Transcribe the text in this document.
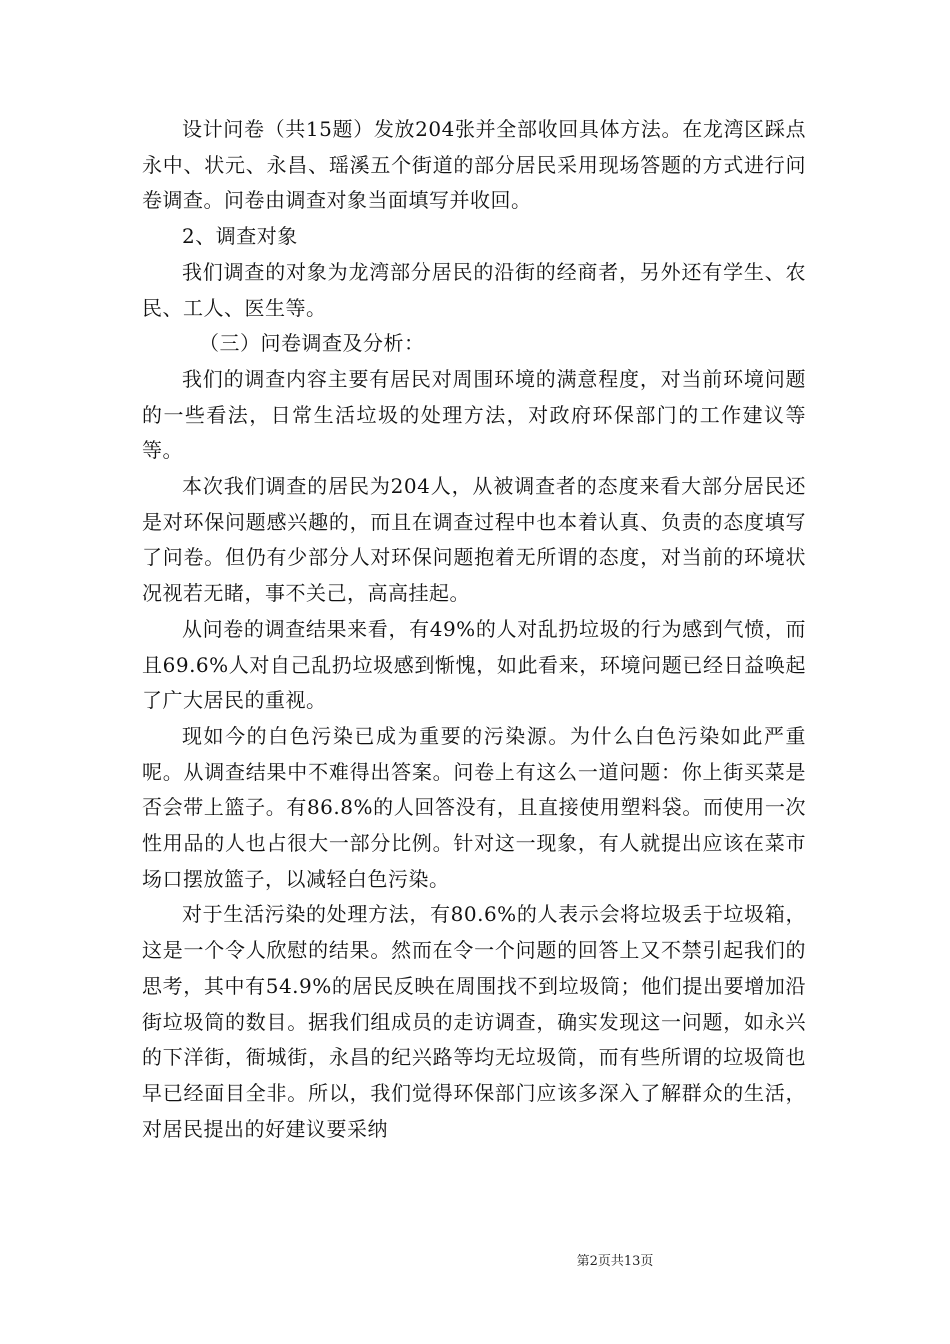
设计问卷（共15题）发放204张并全部收回具体方法。在龙湾区踩点永中、状元、永昌、瑶溪五个街道的部分居民采用现场答题的方式进行问卷调查。问卷由调查对象当面填写并收回。

2、调查对象

我们调查的对象为龙湾部分居民的沿街的经商者，另外还有学生、农民、工人、医生等。

（三）问卷调查及分析：

我们的调查内容主要有居民对周围环境的满意程度，对当前环境问题的一些看法，日常生活垃圾的处理方法，对政府环保部门的工作建议等等。

本次我们调查的居民为204人，从被调查者的态度来看大部分居民还是对环保问题感兴趣的，而且在调查过程中也本着认真、负责的态度填写了问卷。但仍有少部分人对环保问题抱着无所谓的态度，对当前的环境状况视若无睹，事不关己，高高挂起。

从问卷的调查结果来看，有49%的人对乱扔垃圾的行为感到气愤，而且69.6%人对自己乱扔垃圾感到惭愧，如此看来，环境问题已经日益唤起了广大居民的重视。

现如今的白色污染已成为重要的污染源。为什么白色污染如此严重呢。从调查结果中不难得出答案。问卷上有这么一道问题：你上街买菜是否会带上篮子。有86.8%的人回答没有，且直接使用塑料袋。而使用一次性用品的人也占很大一部分比例。针对这一现象，有人就提出应该在菜市场口摆放篮子，以减轻白色污染。

对于生活污染的处理方法，有80.6%的人表示会将垃圾丢于垃圾箱，这是一个令人欣慰的结果。然而在令一个问题的回答上又不禁引起我们的思考，其中有54.9%的居民反映在周围找不到垃圾筒；他们提出要增加沿街垃圾筒的数目。据我们组成员的走访调查，确实发现这一问题，如永兴的下洋街，衙城街，永昌的纪兴路等均无垃圾筒，而有些所谓的垃圾筒也早已经面目全非。所以，我们觉得环保部门应该多深入了解群众的生活，对居民提出的好建议要采纳

第2页共13页
